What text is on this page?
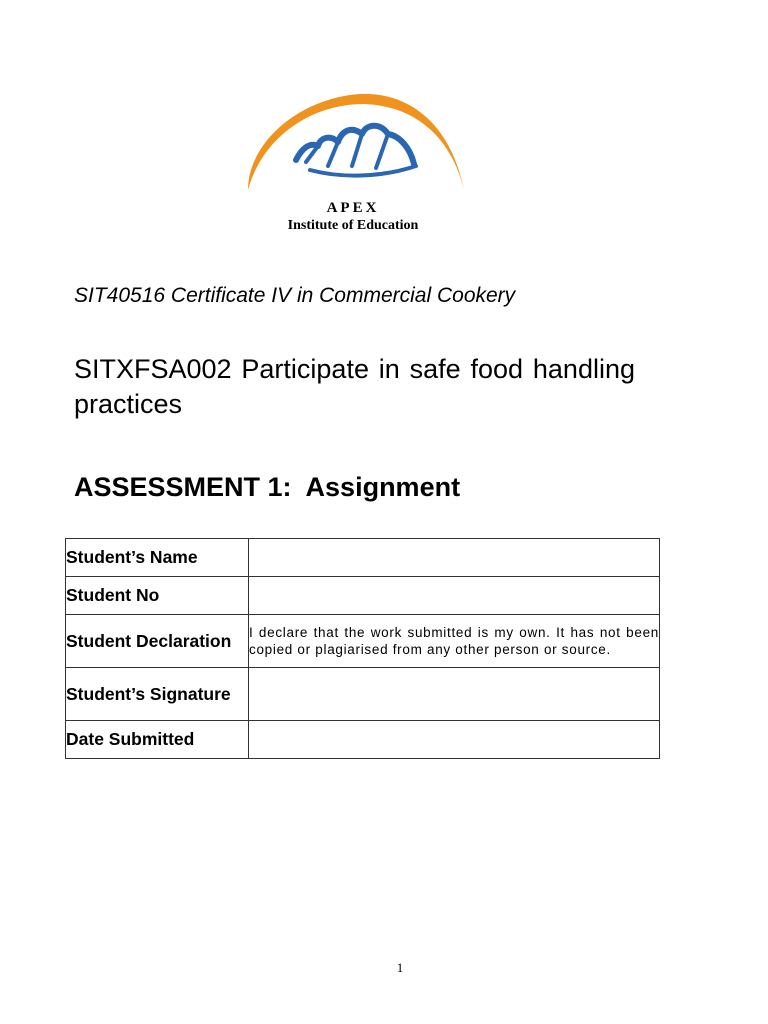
APEX
Institute of Education
SIT40516 Certificate IV in Commercial Cookery
SITXFSA002 Participate in safe food handling practices
ASSESSMENT 1:  Assignment
Student’s Name	
Student No	
Student Declaration	I declare that the work submitted is my own. It has not been copied or plagiarised from any other person or source.
Student’s Signature	
Date Submitted	
1
